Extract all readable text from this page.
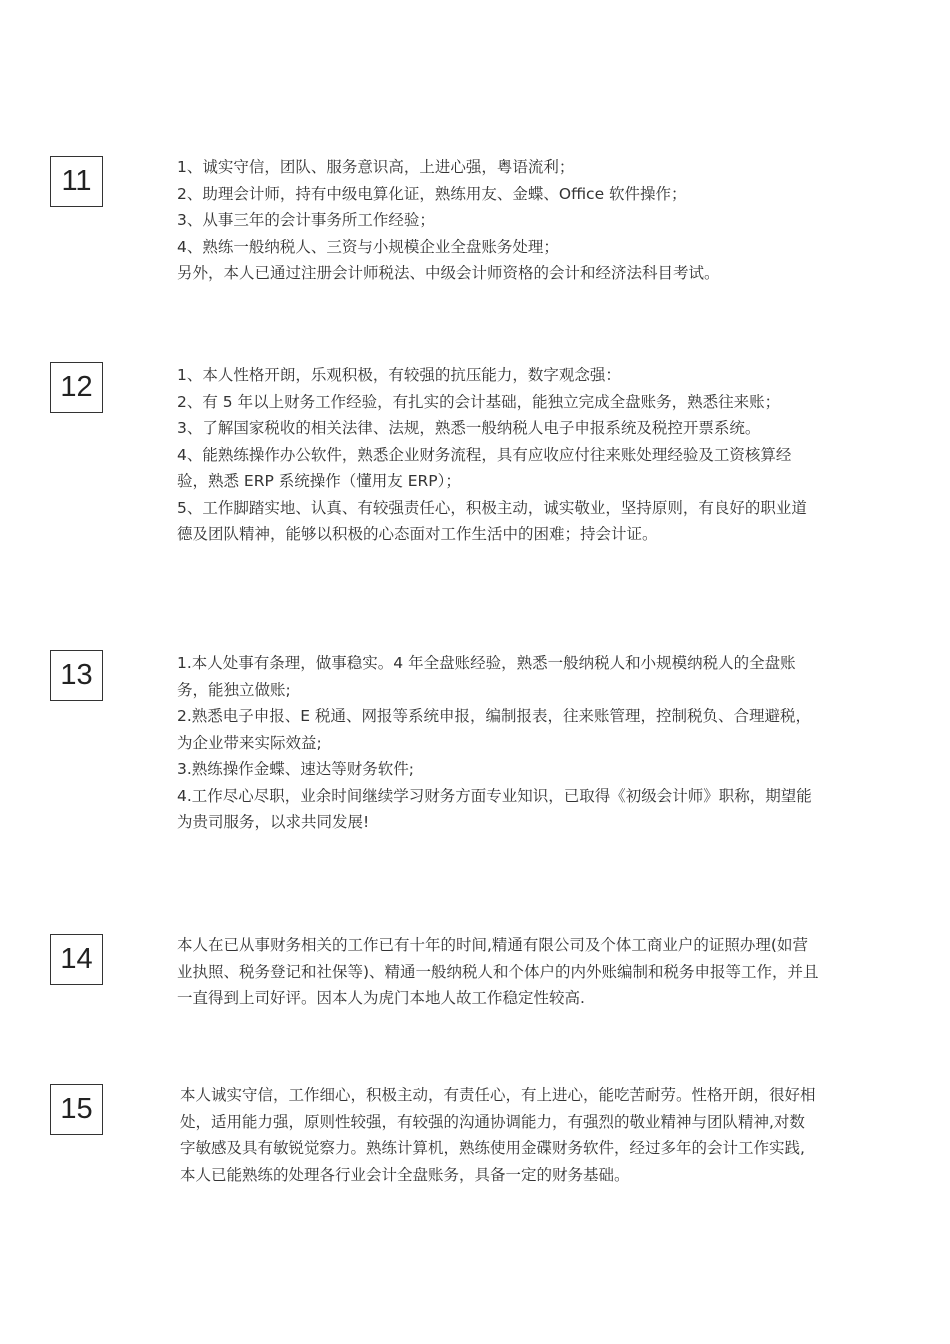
11	1、诚实守信，团队、服务意识高，上进心强，粤语流利；

2、助理会计师，持有中级电算化证，熟练用友、金蝶、Office 软件操作；

3、从事三年的会计事务所工作经验；

4、熟练一般纳税人、三资与小规模企业全盘账务处理；

另外，本人已通过注册会计师税法、中级会计师资格的会计和经济法科目考试。

12	1、本人性格开朗，乐观积极，有较强的抗压能力，数字观念强：

2、有 5 年以上财务工作经验，有扎实的会计基础，能独立完成全盘账务，熟悉往来账；

3、了解国家税收的相关法律、法规，熟悉一般纳税人电子申报系统及税控开票系统。

4、能熟练操作办公软件，熟悉企业财务流程，具有应收应付往来账处理经验及工资核算经验，熟悉 ERP 系统操作（懂用友 ERP）；

5、工作脚踏实地、认真、有较强责任心，积极主动，诚实敬业，坚持原则，有良好的职业道德及团队精神，能够以积极的心态面对工作生活中的困难；持会计证。

13	1.本人处事有条理，做事稳实。4 年全盘账经验，熟悉一般纳税人和小规模纳税人的全盘账务，能独立做账;

2.熟悉电子申报、E 税通、网报等系统申报，编制报表，往来账管理，控制税负、合理避税，为企业带来实际效益;

3.熟练操作金蝶、速达等财务软件;

4.工作尽心尽职，业余时间继续学习财务方面专业知识，已取得《初级会计师》职称，期望能为贵司服务，以求共同发展!

14	本人在已从事财务相关的工作已有十年的时间,精通有限公司及个体工商业户的证照办理(如营业执照、税务登记和社保等)、精通一般纳税人和个体户的内外账编制和税务申报等工作，并且一直得到上司好评。因本人为虎门本地人故工作稳定性较高.

15	本人诚实守信，工作细心，积极主动，有责任心，有上进心，能吃苦耐劳。性格开朗，很好相处，适用能力强，原则性较强，有较强的沟通协调能力，有强烈的敬业精神与团队精神,对数字敏感及具有敏锐觉察力。熟练计算机，熟练使用金碟财务软件，经过多年的会计工作实践,本人已能熟练的处理各行业会计全盘账务，具备一定的财务基础。
